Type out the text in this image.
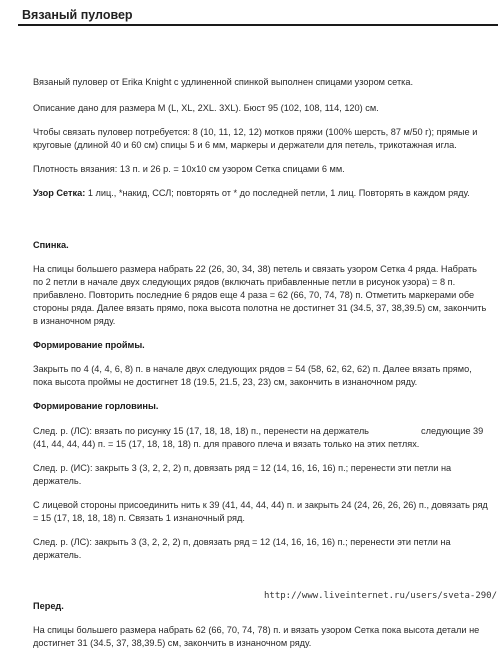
Вязаный пуловер

Вязаный пуловер от Erika Knight с удлиненной спинкой выполнен спицами узором сетка.

Описание дано для размера M (L, XL, 2XL. 3XL). Бюст 95 (102, 108, 114, 120) см.

Чтобы связать пуловер потребуется: 8 (10, 11, 12, 12) мотков пряжи (100% шерсть, 87 м/50 г); прямые и круговые (длиной 40 и 60 см) спицы 5 и 6 мм, маркеры и держатели для петель, трикотажная игла.

Плотность вязания: 13 п. и 26 р. = 10х10 см узором Сетка спицами 6 мм.

Узор Сетка: 1 лиц., *накид, ССЛ; повторять от * до последней петли, 1 лиц. Повторять в каждом ряду.

Спинка.

На спицы большего размера набрать 22 (26, 30, 34, 38) петель и связать узором Сетка 4 ряда. Набрать по 2 петли в начале двух следующих рядов (включать прибавленные петли в рисунок узора) = 8 п. прибавлено. Повторить последние 6 рядов еще 4 раза = 62 (66, 70, 74, 78) п. Отметить маркерами обе стороны ряда. Далее вязать прямо, пока высота полотна не достигнет 31 (34.5, 37, 38,39.5) см, закончить в изнаночном ряду.

Формирование проймы.

Закрыть по 4 (4, 4, 6, 8) п. в начале двух следующих рядов = 54 (58, 62, 62, 62) п. Далее вязать прямо, пока высота проймы не достигнет 18 (19.5, 21.5, 23, 23) см, закончить в изнаночном ряду.

Формирование горловины.

След. р. (ЛС): вязать по рисунку 15 (17, 18, 18, 18) п., перенести на держатель	следующие 39 (41, 44, 44, 44) п. = 15 (17, 18, 18, 18) п. для правого плеча и вязать только на этих петлях.

След. р. (ИС): закрыть 3 (3, 2, 2, 2) п, довязать ряд = 12 (14, 16, 16, 16) п.; перенести эти петли на держатель.

С лицевой стороны присоединить нить к 39 (41, 44, 44, 44) п. и закрыть 24 (24, 26, 26, 26) п., довязать ряд = 15 (17, 18, 18, 18) п. Связать 1 изнаночный ряд.

След. р. (ЛС): закрыть 3 (3, 2, 2, 2) п, довязать ряд = 12 (14, 16, 16, 16) п.; перенести эти петли на держатель.

Перед.

На спицы большего размера набрать 62 (66, 70, 74, 78) п. и вязать узором Сетка пока высота детали не достигнет 31 (34.5, 37, 38,39.5) см, закончить в изнаночном ряду.

http://www.liveinternet.ru/users/sveta-290/
